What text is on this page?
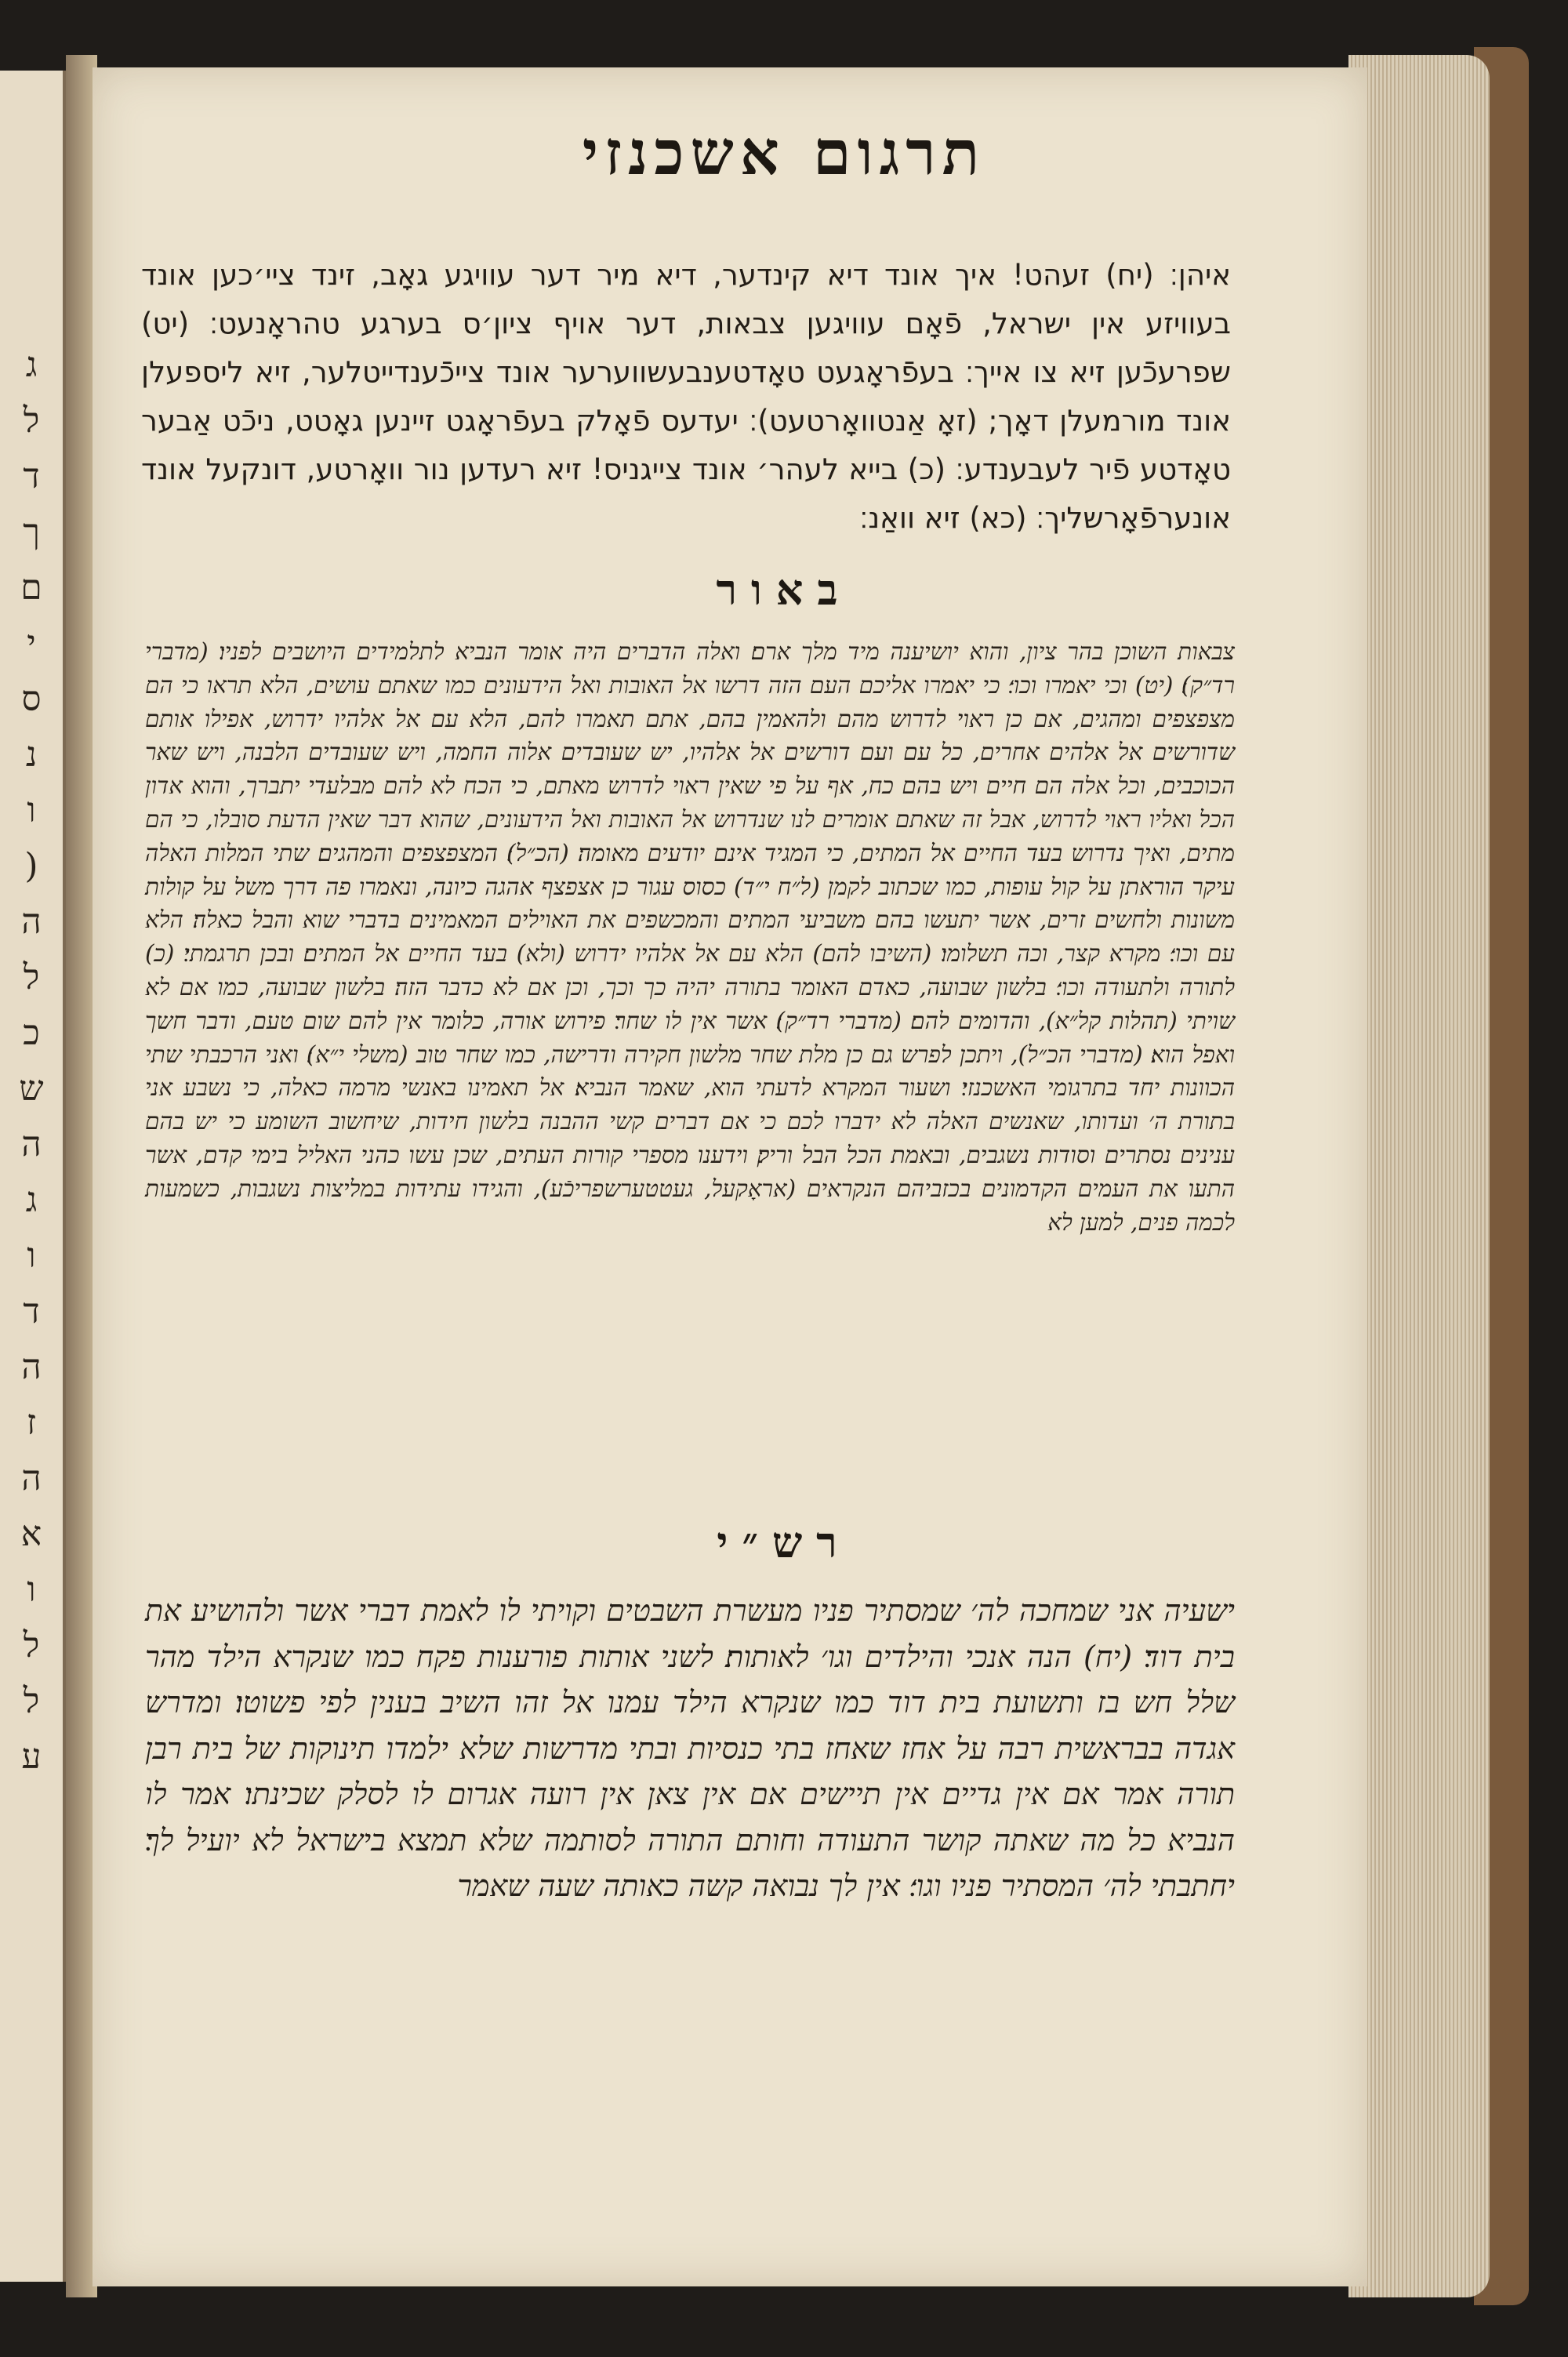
ג
ל
ד
ך
ם
י
ס
נ
ו
(
ה
ל
כ
ש
ה
ג
ו
ד
ה
ז
ה
א
ו
ל
ל
ע
תרגום אשכנזי
איהן׃ (יח) זעהט! איך אונד דיא קינדער, דיא מיר דער עוויגע גאָב, זינד ציי׳כען אונד בעוויזע אין ישראל, פֿאָם עוויגען צבאות, דער אויף ציון׳ס בערגע טהראָנעט׃ (יט) שפרעכֿען זיא צו אייך׃ בעפֿראָגעט טאָדטענבעשווערער אונד צייכֿענדייטלער, זיא ליספעלן אונד מורמעלן דאָך; (זאָ אַנטוואָרטעט)׃ יעדעס פֿאָלק בעפֿראָגט זיינען גאָטט, ניכֿט אַבער טאָדטע פֿיר לעבענדע׃ (כ) בייא לעהר׳ אונד צייגניס! זיא רעדען נור וואָרטע, דונקעל אונד אונערפֿאָרשליך׃ (כא) זיא וואַנ׃
באור
צבאות השוכן בהר ציון, והוא יושיענה מיד מלך ארם׃ ואלה הדברים היה אומר הנביא לתלמידים היושבים לפניו׃ (מדברי רד״ק)׃ (יט) וכי יאמרו וכו׳׃ כי יאמרו אליכם העם הזה דרשו אל האובות ואל הידעונים כמו שאתם עושים, הלא תראו כי הם מצפצפים ומהגים, אם כן ראוי לדרוש מהם ולהאמין בהם, אתם תאמרו להם, הלא עם אל אלהיו ידרוש, אפילו אותם שדורשים אל אלהים אחרים, כל עם ועם דורשים אל אלהיו, יש שעובדים אלוה החמה, ויש שעובדים הלבנה, ויש שאר הכוכבים, וכל אלה הם חיים ויש בהם כח, אף על פי שאין ראוי לדרוש מאתם, כי הכח לא להם מבלעדי יתברך, והוא אדון הכל ואליו ראוי לדרוש, אבל זה שאתם אומרים לנו שנדרוש אל האובות ואל הידעונים, שהוא דבר שאין הדעת סובלו, כי הם מתים, ואיך נדרוש בעד החיים אל המתים, כי המגיד אינם יודעים מאומה׃ (הכ״ל)׃ המצפצפים והמהגים׃ שתי המלות האלה עיקר הוראתן על קול עופות, כמו שכתוב לקמן (ל״ח י״ד) כסוס עגור כן אצפצף אהגה כיונה, ונאמרו פה דרך משל על קולות משונות ולחשים זרים, אשר יתעשו בהם משביעי המתים והמכשפים את האוילים המאמינים בדברי שוא והבל כאלה׃ הלא עם וכו׳׃ מקרא קצר, וכה תשלומו׃ (השיבו להם) הלא עם אל אלהיו ידרוש (ולא) בעד החיים אל המתים׃ ובכן תרגמתי׃ (כ) לתורה ולתעודה וכו׳׃ בלשון שבועה, כאדם האומר בתורה יהיה כך וכך, וכן אם לא כדבר הזה׃ בלשון שבועה, כמו אם לא שויתי (תהלות קל״א), והדומים להם׃ (מדברי רד״ק)׃ אשר אין לו שחר׃ פירוש אורה, כלומר אין להם שום טעם, ודבר חשך ואפל הוא׃ (מדברי הכ״ל), ויתכן לפרש גם כן מלת שחר מלשון חקירה ודרישה, כמו שחר טוב (משלי י״א)׃ ואני הרכבתי שתי הכוונות יחד בתרגומי האשכנזי׃ ושעור המקרא לדעתי הוא, שאמר הנביא׃ אל תאמינו באנשי מרמה כאלה, כי נשבע אני בתורת ה׳ ועדותו, שאנשים האלה לא ידברו לכם כי אם דברים קשי ההבנה בלשון חידות, שיחשוב השומע כי יש בהם ענינים נסתרים וסודות נשגבים, ובאמת הכל הבל וריק׃ וידענו מספרי קורות העתים, שכן עשו כהני האליל בימי קדם, אשר התעו את העמים הקדמונים בכזביהם הנקראים (אראָקעל, געטטערשפריכֿע), והגידו עתידות במליצות נשגבות, כשמעות לכמה פנים, למען לא
רש״י
ישעיה אני שמחכה לה׳ שמסתיר פניו מעשרת השבטים וקויתי לו לאמת דברי אשר ולהושיע את בית דוד׃ (יח) הנה אנכי והילדים וגו׳ לאותות׃ לשני אותות פורענות פקח כמו שנקרא הילד מהר שלל חש בז ותשועת בית דוד כמו שנקרא הילד עמנו אל זהו השיב בענין לפי פשוטו׃ ומדרש אגדה בבראשית רבה על אחז שאחז בתי כנסיות ובתי מדרשות שלא ילמדו תינוקות של בית רבן תורה אמר אם אין גדיים אין תיישים אם אין צאן אין רועה אגרום לו לסלק שכינתו׃ אמר לו הנביא כל מה שאתה קושר התעודה וחותם התורה לסותמה שלא תמצא בישראל לא יועיל לך׃ יחתבתי לה׳ המסתיר פניו וגו׳׃ אין לך נבואה קשה כאותה שעה שאמר
